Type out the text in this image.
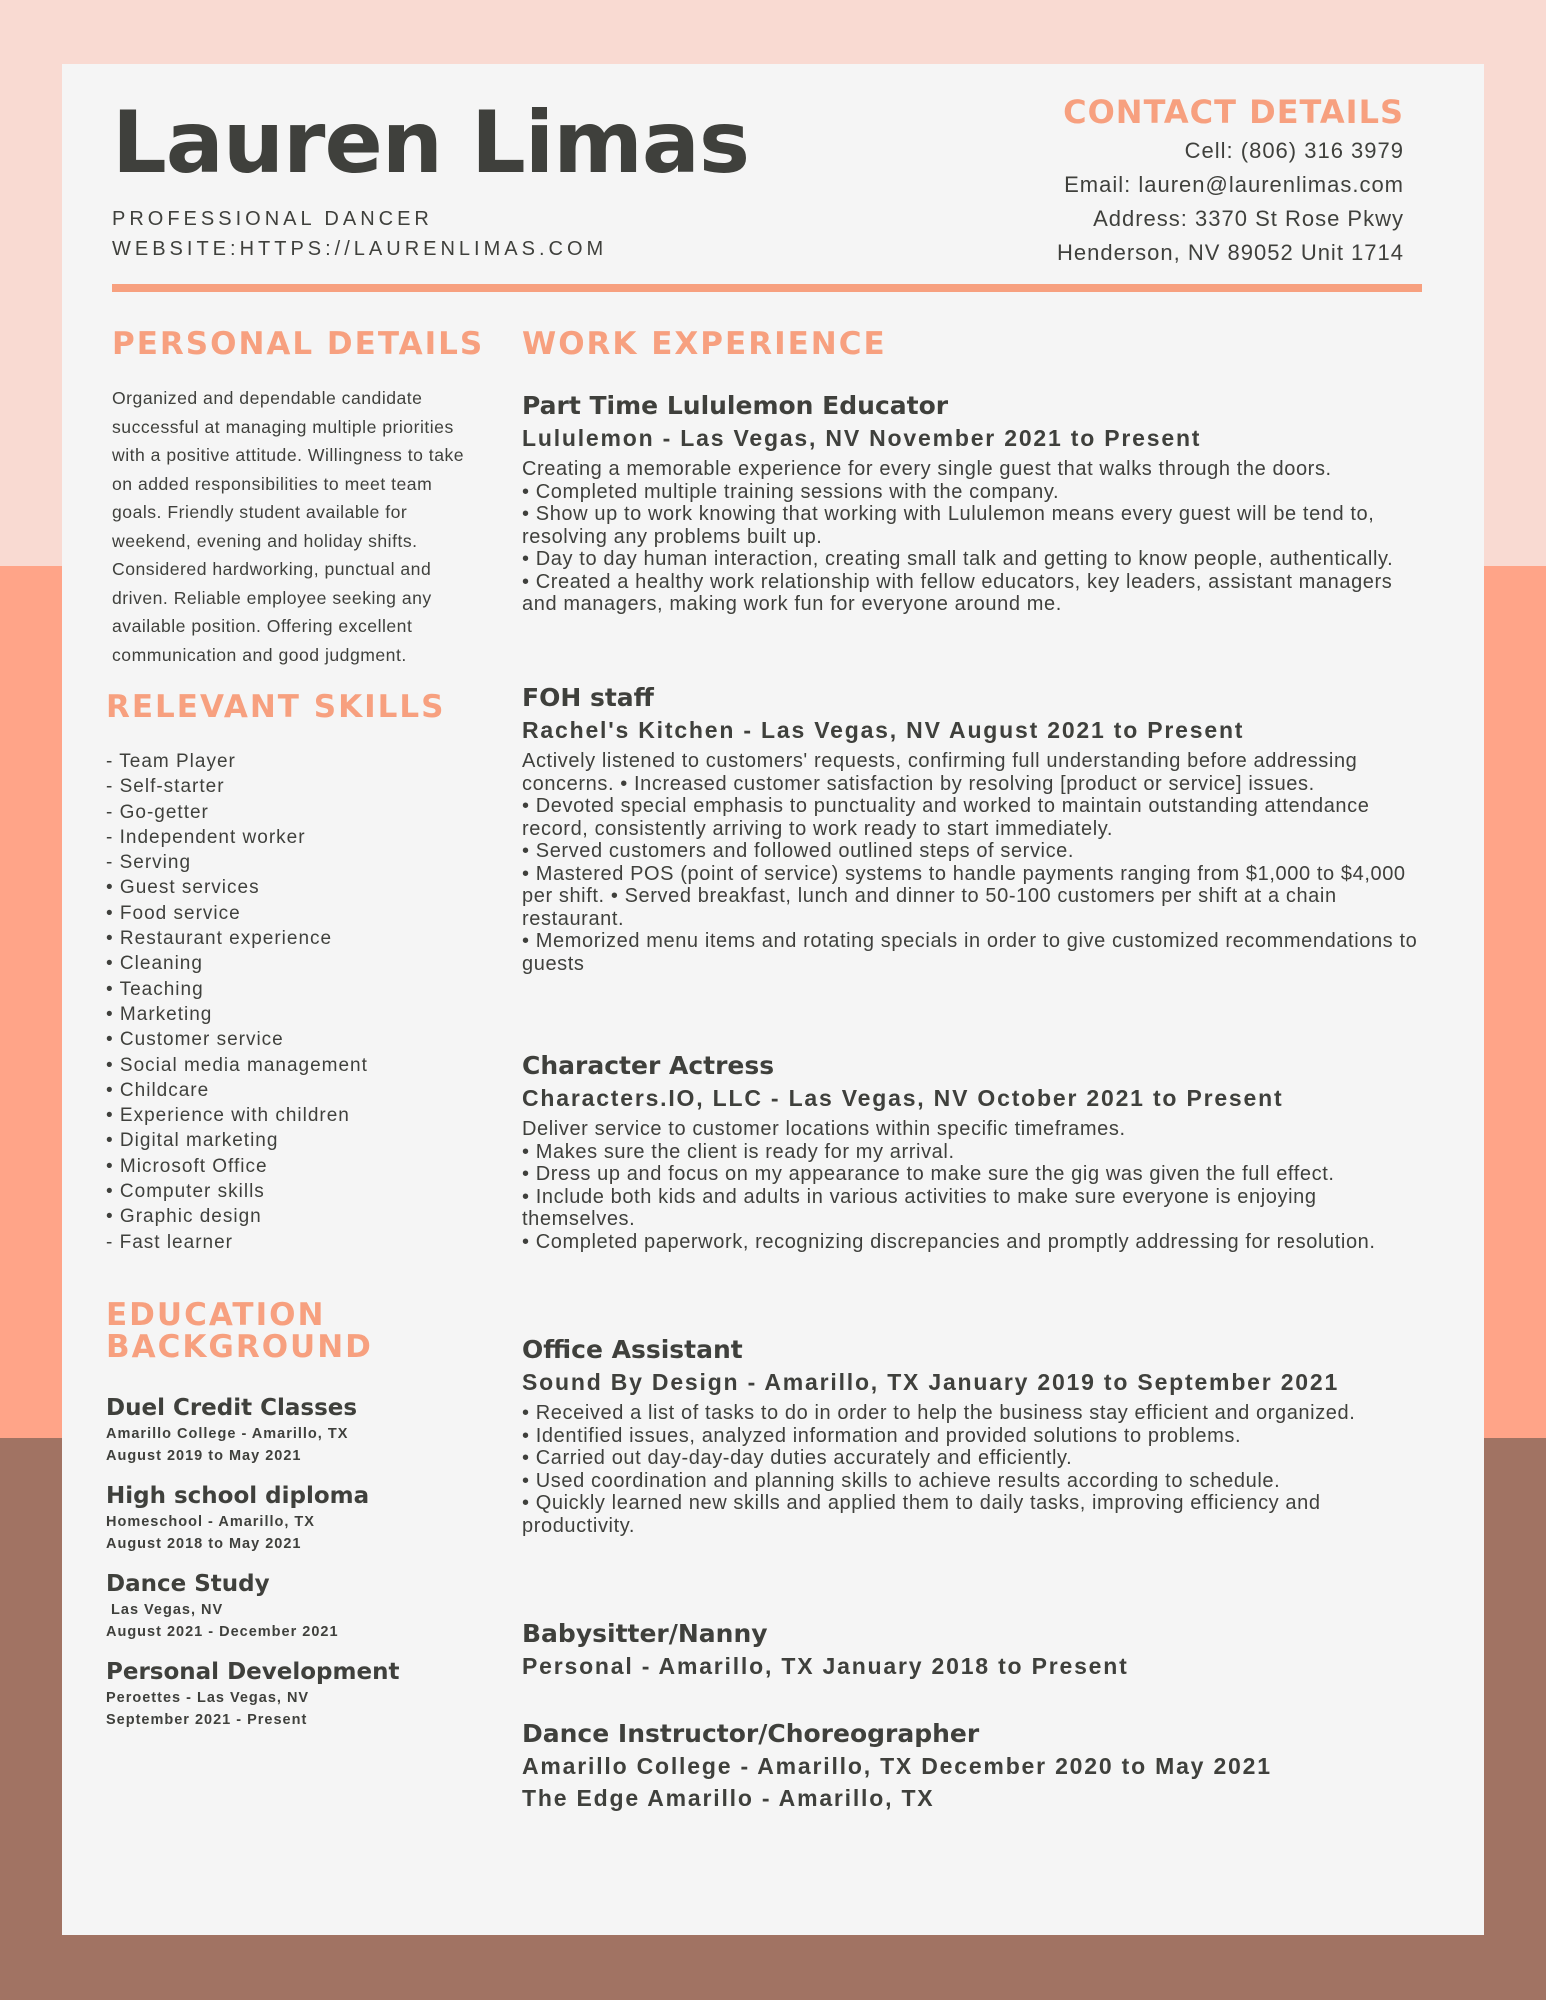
Lauren Limas
PROFESSIONAL DANCER
WEBSITE:HTTPS://LAURENLIMAS.COM
CONTACT DETAILS
Cell: (806) 316 3979
Email: lauren@laurenlimas.com
Address: 3370 St Rose Pkwy
Henderson, NV 89052 Unit 1714
PERSONAL DETAILS
Organized and dependable candidate successful at managing multiple priorities with a positive attitude. Willingness to take on added responsibilities to meet team goals. Friendly student available for weekend, evening and holiday shifts. Considered hardworking, punctual and driven. Reliable employee seeking any available position. Offering excellent communication and good judgment.
RELEVANT SKILLS
- Team Player
- Self-starter
- Go-getter
- Independent worker
- Serving
• Guest services
• Food service
• Restaurant experience
• Cleaning
• Teaching
• Marketing
• Customer service
• Social media management
• Childcare
• Experience with children
• Digital marketing
• Microsoft Office
• Computer skills
• Graphic design
- Fast learner
EDUCATION
BACKGROUND
Duel Credit Classes
Amarillo College - Amarillo, TX
August 2019 to May 2021
High school diploma
Homeschool - Amarillo, TX
August 2018 to May 2021
Dance Study
Las Vegas, NV
August 2021 - December 2021
Personal Development
Peroettes - Las Vegas, NV
September 2021 - Present
WORK EXPERIENCE
Part Time Lululemon Educator
Lululemon - Las Vegas, NV November 2021 to Present
Creating a memorable experience for every single guest that walks through the doors.
• Completed multiple training sessions with the company.
• Show up to work knowing that working with Lululemon means every guest will be tend to, resolving any problems built up.
• Day to day human interaction, creating small talk and getting to know people, authentically.
• Created a healthy work relationship with fellow educators, key leaders, assistant managers and managers, making work fun for everyone around me.
FOH staff
Rachel's Kitchen - Las Vegas, NV August 2021 to Present
Actively listened to customers' requests, confirming full understanding before addressing concerns. • Increased customer satisfaction by resolving [product or service] issues.
• Devoted special emphasis to punctuality and worked to maintain outstanding attendance record, consistently arriving to work ready to start immediately.
• Served customers and followed outlined steps of service.
• Mastered POS (point of service) systems to handle payments ranging from $1,000 to $4,000 per shift. • Served breakfast, lunch and dinner to 50-100 customers per shift at a chain restaurant.
• Memorized menu items and rotating specials in order to give customized recommendations to guests
Character Actress
Characters.IO, LLC - Las Vegas, NV October 2021 to Present
Deliver service to customer locations within specific timeframes.
• Makes sure the client is ready for my arrival.
• Dress up and focus on my appearance to make sure the gig was given the full effect.
• Include both kids and adults in various activities to make sure everyone is enjoying themselves.
• Completed paperwork, recognizing discrepancies and promptly addressing for resolution.
Office Assistant
Sound By Design - Amarillo, TX January 2019 to September 2021
• Received a list of tasks to do in order to help the business stay efficient and organized.
• Identified issues, analyzed information and provided solutions to problems.
• Carried out day-day-day duties accurately and efficiently.
• Used coordination and planning skills to achieve results according to schedule.
• Quickly learned new skills and applied them to daily tasks, improving efficiency and productivity.
Babysitter/Nanny
Personal - Amarillo, TX January 2018 to Present
Dance Instructor/Choreographer
Amarillo College - Amarillo, TX December 2020 to May 2021
The Edge Amarillo - Amarillo, TX
